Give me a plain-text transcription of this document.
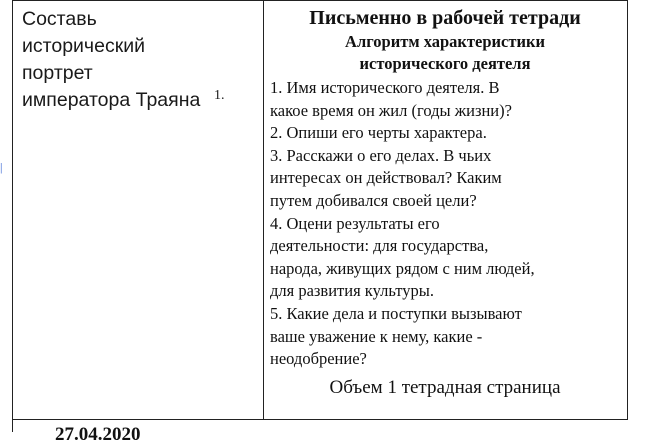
|

Составь

исторический

портрет

императора Траяна 1.

Письменно в рабочей тетради

Алгоритм характеристики

исторического деятеля

1. Имя исторического деятеля. В
какое время он жил (годы жизни)?
2. Опиши его черты характера.
3. Расскажи о его делах. В чьих
интересах он действовал? Каким
путем добивался своей цели?
4. Оцени результаты его
деятельности: для государства,
народа, живущих рядом с ним людей,
для развития культуры.
5. Какие дела и поступки вызывают
ваше уважение к нему, какие -
неодобрение?

Объем 1 тетрадная страница

27.04.2020
